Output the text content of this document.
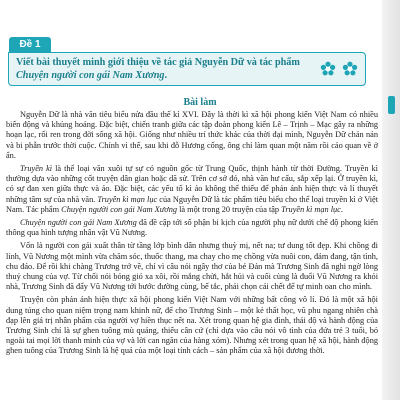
Đề 1
Viết bài thuyết minh giới thiệu về tác giả Nguyễn Dữ và tác phẩm Chuyện người con gái Nam Xương.
Bài làm

Nguyễn Dữ là nhà văn tiêu biểu nửa đầu thế kỉ XVI. Đây là thời kì xã hội phong kiến Việt Nam có nhiều biến động và khủng hoảng. Đặc biệt, chiến tranh giữa các tập đoàn phong kiến Lê – Trịnh – Mạc gây ra những hoạn lạc, rối ren trong đời sống xã hội. Giống như nhiều trí thức khác của thời đại mình, Nguyễn Dữ chán nản và bi phẫn trước thời cuộc. Chính vì thế, sau khi đỗ Hương cống, ông chỉ làm quan một năm rồi cáo quan về ở ẩn.

Truyền kì là thể loại văn xuôi tự sự có nguồn gốc từ Trung Quốc, thịnh hành từ thời Đường. Truyền kì thường dựa vào những cốt truyện dân gian hoặc dã sử. Trên cơ sở đó, nhà văn hư cấu, sắp xếp lại. Ở truyền kì, có sự đan xen giữa thực và ảo. Đặc biệt, các yếu tố kì ảo không thể thiếu để phản ánh hiện thực và lí thuyết những tâm sự của nhà văn. Truyền kì mạn lục của Nguyễn Dữ là tác phẩm tiêu biểu cho thể loại truyền kì ở Việt Nam. Tác phẩm Chuyện người con gái Nam Xương là một trong 20 truyện của tập Truyền kì mạn lục.

Chuyện người con gái Nam Xương đã đề cập tới số phận bi kịch của người phụ nữ dưới chế độ phong kiến thông qua hình tượng nhân vật Vũ Nương.

Vốn là người con gái xuất thân từ tầng lớp bình dân nhưng thuỳ mị, nết na; tư dung tốt đẹp. Khi chồng đi lính, Vũ Nương một mình vừa chăm sóc, thuốc thang, ma chay cho mẹ chồng vừa nuôi con, đảm đang, tận tình, chu đáo. Để rồi khi chàng Trương trở về, chỉ vì câu nói ngây thơ của bé Đản mà Trương Sinh đã nghi ngờ lòng thuỷ chung của vợ. Từ chối nói bóng gió xa xôi, rồi mắng chửi, hắt hủi và cuối cùng là đuổi Vũ Nương ra khỏi nhà, Trương Sinh đã đẩy Vũ Nương tới bước đường cùng, bế tắc, phải chọn cái chết để tự minh oan cho mình.

Truyện còn phản ánh hiện thực xã hội phong kiến Việt Nam với những bất công vô lí. Đó là một xã hội dung túng cho quan niệm trọng nam khinh nữ, để cho Trương Sinh – một kẻ thất học, vũ phu ngang nhiên chà đạp lên giá trị nhân phẩm của người vợ hiền thục nết na. Xét trong quan hệ gia đình, thái độ và hành động của Trương Sinh chỉ là sự ghen tuông mù quáng, thiếu cân cứ (chỉ dựa vào câu nói vô tình của đứa trẻ 3 tuổi, bỏ ngoài tai mọi lời thanh minh của vợ và lời can ngăn của hàng xóm). Nhưng xét trong quan hệ xã hội, hành động ghen tuông của Trương Sinh là hệ quả của một loại tính cách – sản phẩm của xã hội đương thời.
